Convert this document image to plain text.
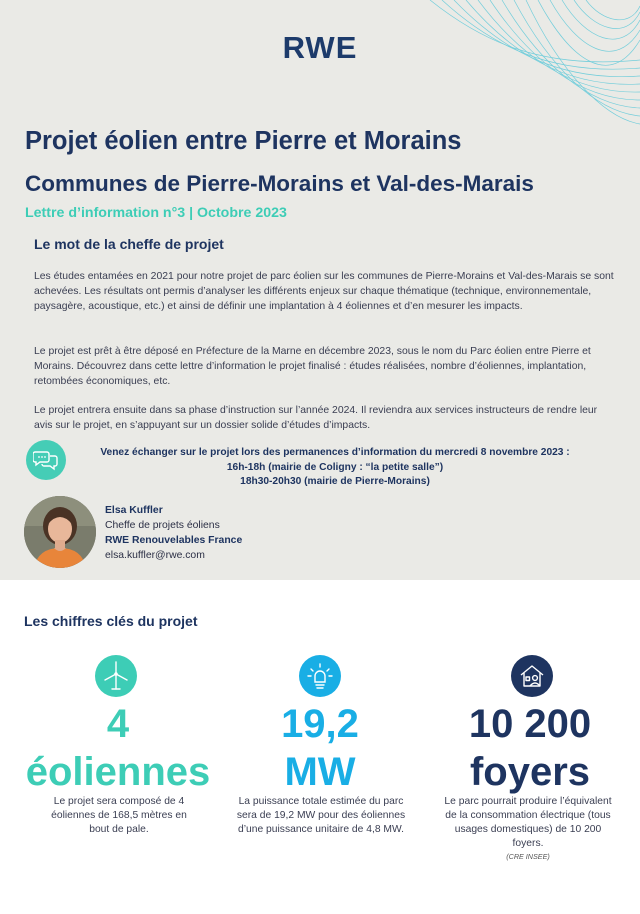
RWE
Projet éolien entre Pierre et Morains
Communes de Pierre-Morains et Val-des-Marais
Lettre d’information n°3 | Octobre 2023
Le mot de la cheffe de projet

Les études entamées en 2021 pour notre projet de parc éolien sur les communes de Pierre-Morains et Val-des-Marais se sont achevées. Les résultats ont permis d’analyser les différents enjeux sur chaque thématique (technique, environnementale, paysagère, acoustique, etc.) et ainsi de définir une implantation à 4 éoliennes et d’en mesurer les impacts.

Le projet est prêt à être déposé en Préfecture de la Marne en décembre 2023, sous le nom du Parc éolien entre Pierre et Morains. Découvrez dans cette lettre d’information le projet finalisé : études réalisées, nombre d’éoliennes, implantation, retombées économiques, etc.

Le projet entrera ensuite dans sa phase d’instruction sur l’année 2024. Il reviendra aux services instructeurs de rendre leur avis sur le projet, en s’appuyant sur un dossier solide d’études d’impacts.

Venez échanger sur le projet lors des permanences d’information du mercredi 8 novembre 2023 :
16h-18h (mairie de Coligny : “la petite salle”)
18h30-20h30 (mairie de Pierre-Morains)
Elsa Kuffler
Cheffe de projets éoliens
RWE Renouvelables France
elsa.kuffler@rwe.com
Les chiffres clés du projet
4
éoliennes

Le projet sera composé de 4 éoliennes de 168,5 mètres en bout de pale.

19,2
MW

La puissance totale estimée du parc sera de 19,2 MW pour des éoliennes d’une puissance unitaire de 4,8 MW.

10 200
foyers

Le parc pourrait produire l’équivalent de la consommation électrique (tous usages domestiques) de 10 200 foyers.

(CRE INSEE)
